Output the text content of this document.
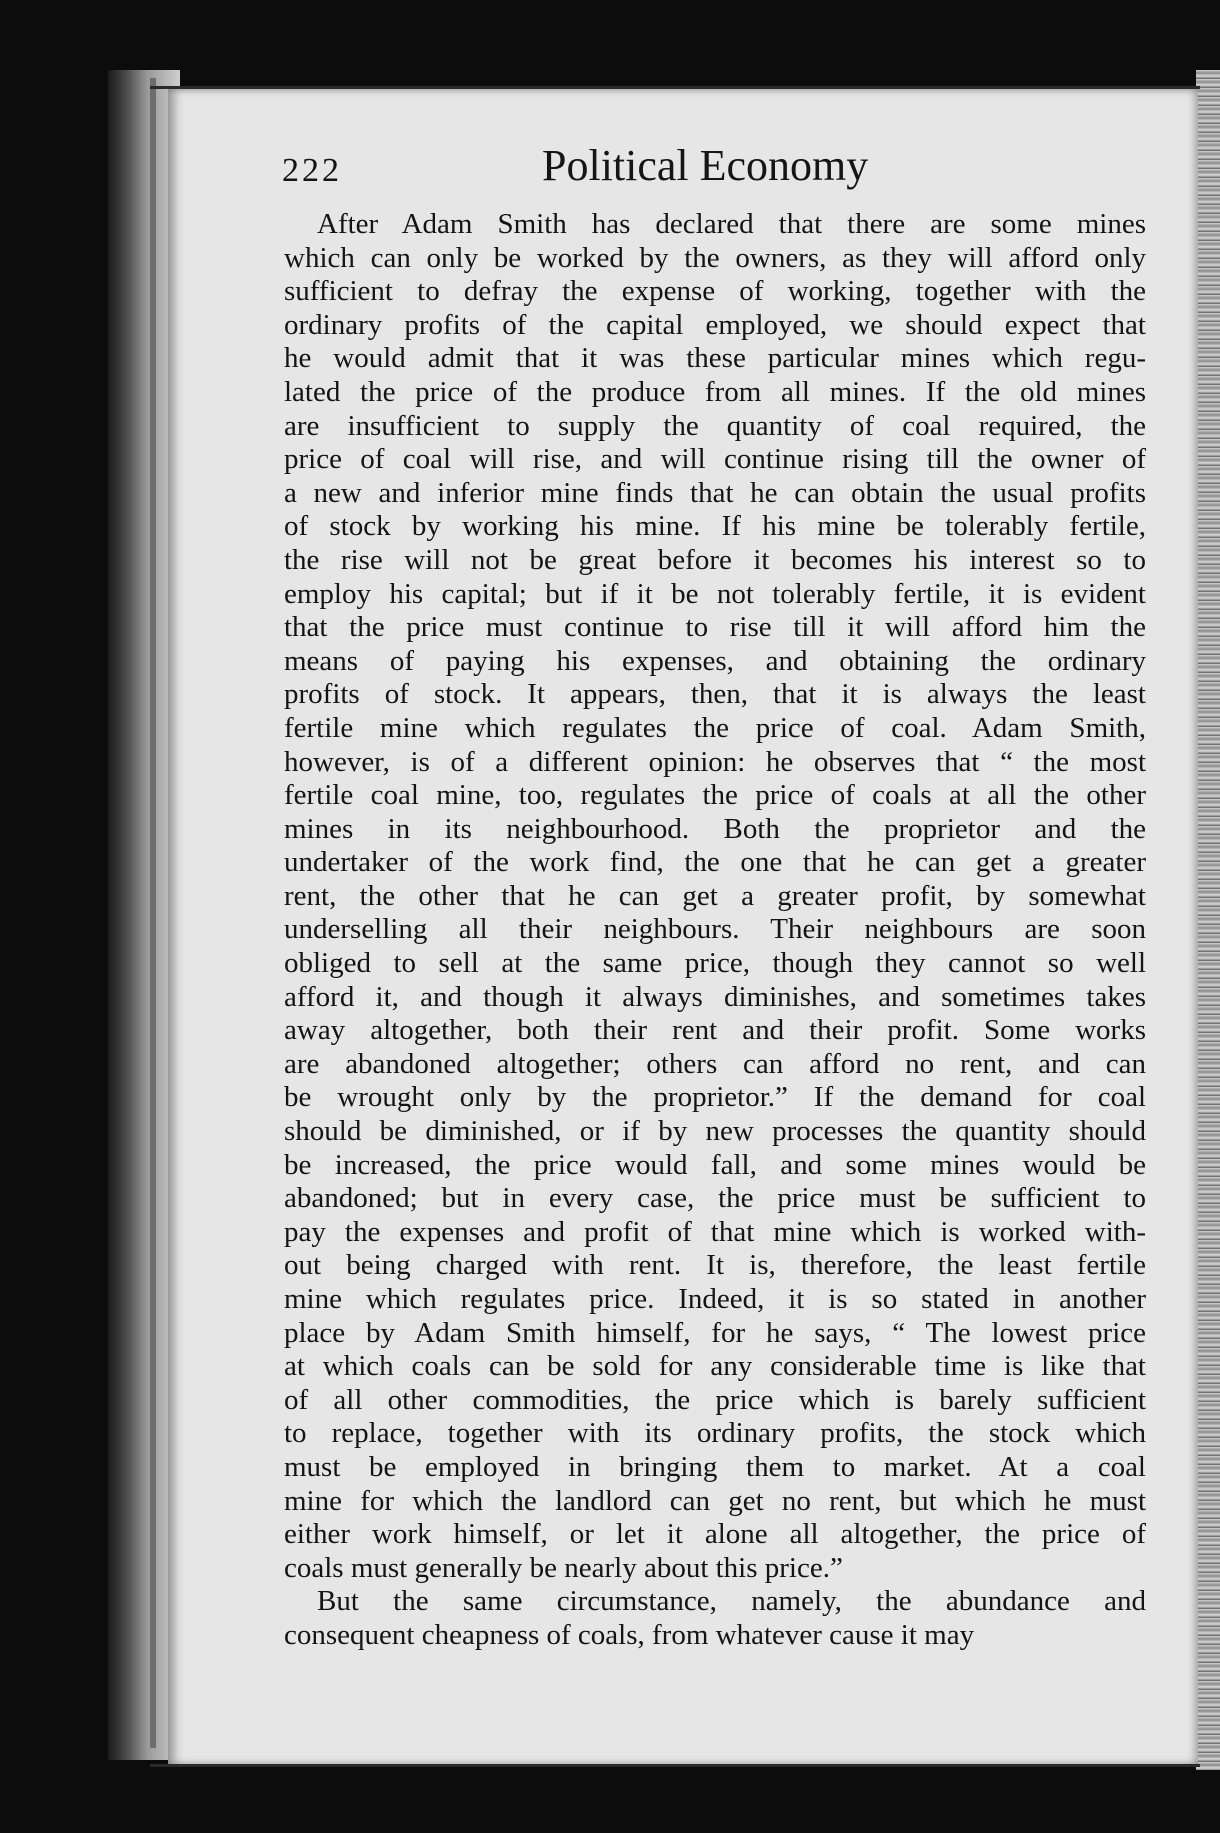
222	Political Economy
After Adam Smith has declared that there are some mines
which can only be worked by the owners, as they will afford only
sufficient to defray the expense of working, together with the
ordinary profits of the capital employed, we should expect that
he would admit that it was these particular mines which regu-
lated the price of the produce from all mines. If the old mines
are insufficient to supply the quantity of coal required, the
price of coal will rise, and will continue rising till the owner of
a new and inferior mine finds that he can obtain the usual profits
of stock by working his mine. If his mine be tolerably fertile,
the rise will not be great before it becomes his interest so to
employ his capital; but if it be not tolerably fertile, it is evident
that the price must continue to rise till it will afford him the
means of paying his expenses, and obtaining the ordinary
profits of stock. It appears, then, that it is always the least
fertile mine which regulates the price of coal. Adam Smith,
however, is of a different opinion: he observes that “ the most
fertile coal mine, too, regulates the price of coals at all the other
mines in its neighbourhood. Both the proprietor and the
undertaker of the work find, the one that he can get a greater
rent, the other that he can get a greater profit, by somewhat
underselling all their neighbours. Their neighbours are soon
obliged to sell at the same price, though they cannot so well
afford it, and though it always diminishes, and sometimes takes
away altogether, both their rent and their profit. Some works
are abandoned altogether; others can afford no rent, and can
be wrought only by the proprietor.” If the demand for coal
should be diminished, or if by new processes the quantity should
be increased, the price would fall, and some mines would be
abandoned; but in every case, the price must be sufficient to
pay the expenses and profit of that mine which is worked with-
out being charged with rent. It is, therefore, the least fertile
mine which regulates price. Indeed, it is so stated in another
place by Adam Smith himself, for he says, “ The lowest price
at which coals can be sold for any considerable time is like that
of all other commodities, the price which is barely sufficient
to replace, together with its ordinary profits, the stock which
must be employed in bringing them to market. At a coal
mine for which the landlord can get no rent, but which he must
either work himself, or let it alone all altogether, the price of
coals must generally be nearly about this price.”
But the same circumstance, namely, the abundance and
consequent cheapness of coals, from whatever cause it may
